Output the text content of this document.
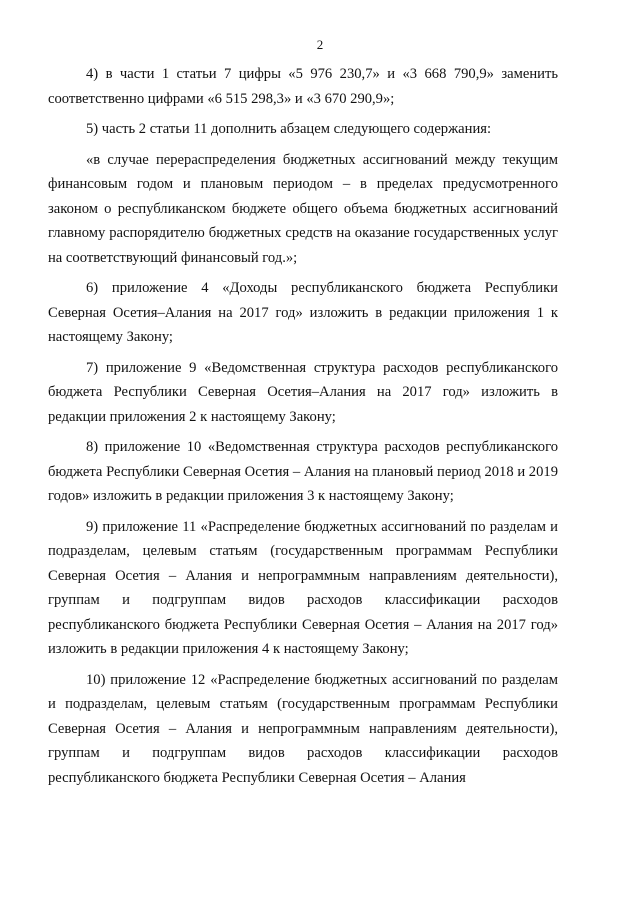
2

4) в части 1 статьи 7 цифры «5 976 230,7» и «3 668 790,9» заменить соответственно цифрами «6 515 298,3» и «3 670 290,9»;

5) часть 2 статьи 11 дополнить абзацем следующего содержания:

«в случае перераспределения бюджетных ассигнований между текущим финансовым годом и плановым периодом – в пределах предусмотренного законом о республиканском бюджете общего объема бюджетных ассигнований главному распорядителю бюджетных средств на оказание государственных услуг на соответствующий финансовый год.»;

6) приложение 4 «Доходы республиканского бюджета Республики Северная Осетия–Алания на 2017 год» изложить в редакции приложения 1 к настоящему Закону;

7) приложение 9 «Ведомственная структура расходов республиканского бюджета Республики Северная Осетия–Алания на 2017 год» изложить в редакции приложения 2 к настоящему Закону;

8) приложение 10 «Ведомственная структура расходов республиканского бюджета Республики Северная Осетия – Алания на плановый период 2018 и 2019 годов» изложить в редакции приложения 3 к настоящему Закону;

9) приложение 11 «Распределение бюджетных ассигнований по разделам и подразделам, целевым статьям (государственным программам Республики Северная Осетия – Алания и непрограммным направлениям деятельности), группам и подгруппам видов расходов классификации расходов республиканского бюджета Республики Северная Осетия – Алания на 2017 год» изложить в редакции приложения 4 к настоящему Закону;

10) приложение 12 «Распределение бюджетных ассигнований по разделам и подразделам, целевым статьям (государственным программам Республики Северная Осетия – Алания и непрограммным направлениям деятельности), группам и подгруппам видов расходов классификации расходов республиканского бюджета Республики Северная Осетия – Алания
